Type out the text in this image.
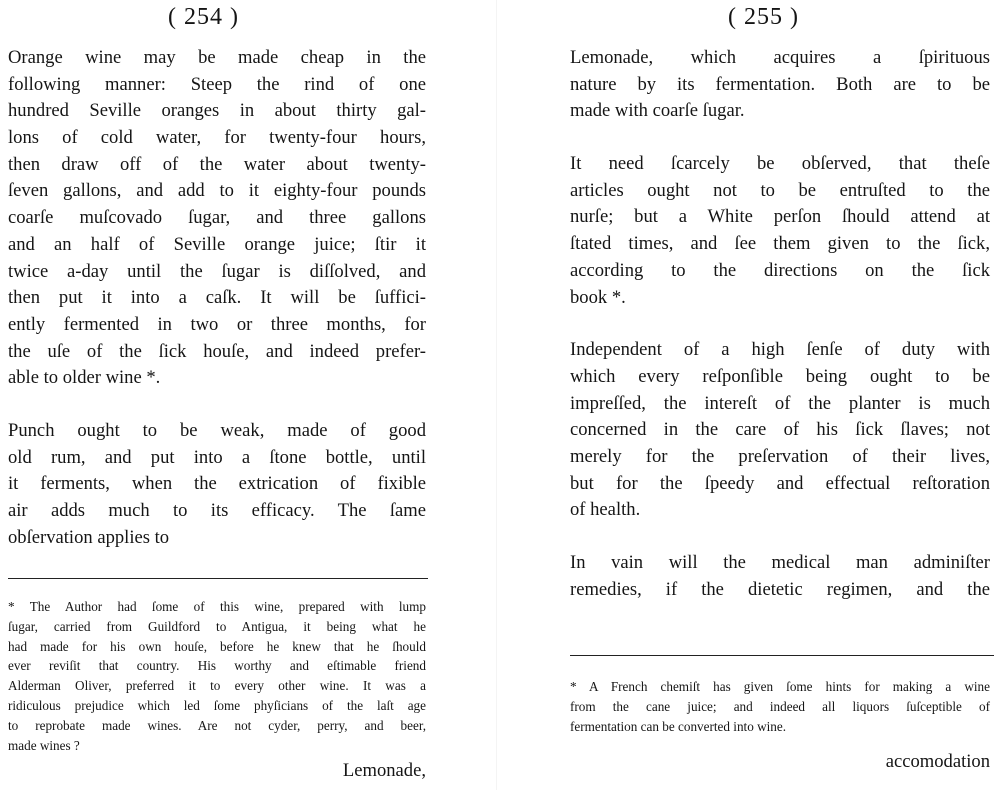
( 254 )
Orange wine may be made cheap in the
following manner: Steep the rind of one
hundred Seville oranges in about thirty gal-
lons of cold water, for twenty-four hours,
then draw off of the water about twenty-
ſeven gallons, and add to it eighty-four pounds
coarſe muſcovado ſugar, and three gallons
and an half of Seville orange juice; ſtir it
twice a-day until the ſugar is diſſolved, and
then put it into a caſk. It will be ſuffici-
ently fermented in two or three months, for
the uſe of the ſick houſe, and indeed prefer-
able to older wine *.
Punch ought to be weak, made of good
old rum, and put into a ſtone bottle, until
it ferments, when the extrication of fixible
air adds much to its efficacy. The ſame
obſervation applies to
* The Author had ſome of this wine, prepared with lump
ſugar, carried from Guildford to Antigua, it being what he
had made for his own houſe, before he knew that he ſhould
ever reviſit that country. His worthy and eſtimable friend
Alderman Oliver, preferred it to every other wine. It was a
ridiculous prejudice which led ſome phyſicians of the laſt age
to reprobate made wines. Are not cyder, perry, and beer,
made wines ?
Lemonade,
( 255 )
Lemonade, which acquires a ſpirituous
nature by its fermentation. Both are to be
made with coarſe ſugar.
It need ſcarcely be obſerved, that theſe
articles ought not to be entruſted to the
nurſe; but a White perſon ſhould attend at
ſtated times, and ſee them given to the ſick,
according to the directions on the ſick
book *.
Independent of a high ſenſe of duty with
which every reſponſible being ought to be
impreſſed, the intereſt of the planter is much
concerned in the care of his ſick ſlaves; not
merely for the preſervation of their lives,
but for the ſpeedy and effectual reſtoration
of health.
In vain will the medical man adminiſter
remedies, if the dietetic regimen, and the
* A French chemiſt has given ſome hints for making a wine
from the cane juice; and indeed all liquors ſuſceptible of
fermentation can be converted into wine.
accomodation
